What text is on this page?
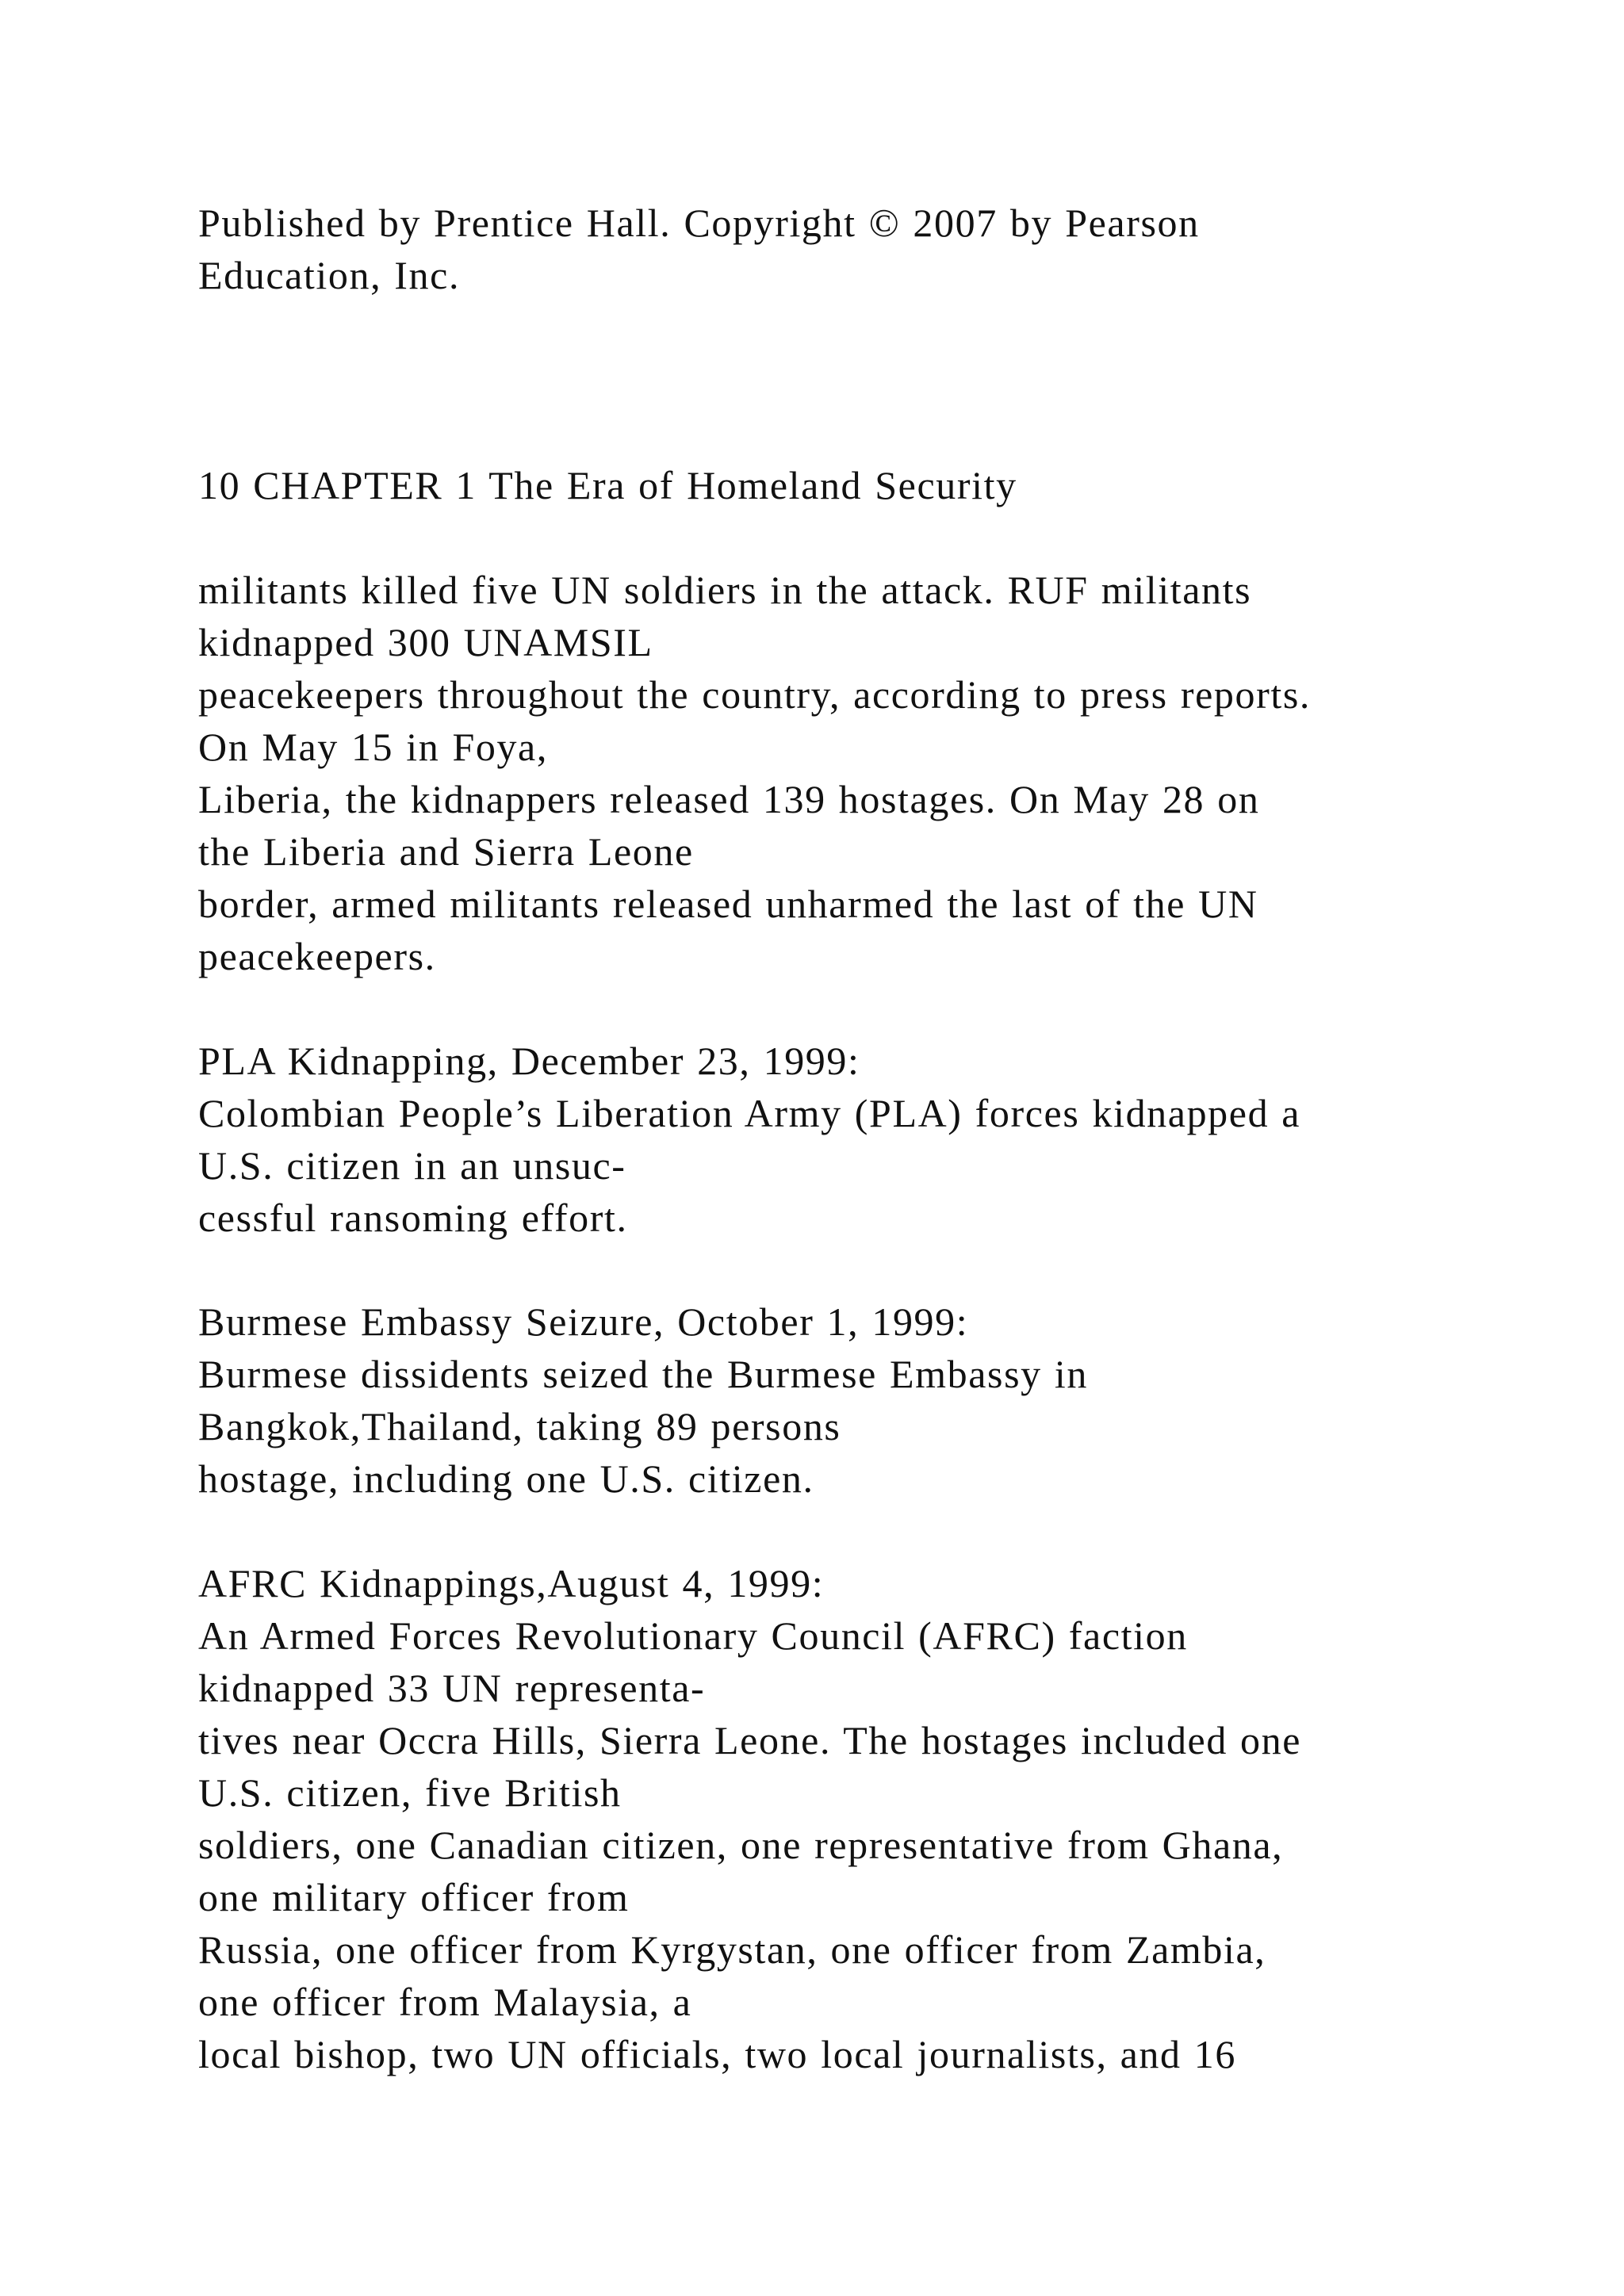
Published by Prentice Hall. Copyright © 2007 by Pearson
Education, Inc.
10 CHAPTER 1 The Era of Homeland Security
militants killed five UN soldiers in the attack. RUF militants
kidnapped 300 UNAMSIL
peacekeepers throughout the country, according to press reports.
On May 15 in Foya,
Liberia, the kidnappers released 139 hostages. On May 28 on
the Liberia and Sierra Leone
border, armed militants released unharmed the last of the UN
peacekeepers.
PLA Kidnapping, December 23, 1999:
Colombian People’s Liberation Army (PLA) forces kidnapped a
U.S. citizen in an unsuc-
cessful ransoming effort.
Burmese Embassy Seizure, October 1, 1999:
Burmese dissidents seized the Burmese Embassy in
Bangkok,Thailand, taking 89 persons
hostage, including one U.S. citizen.
AFRC Kidnappings,August 4, 1999:
An Armed Forces Revolutionary Council (AFRC) faction
kidnapped 33 UN representa-
tives near Occra Hills, Sierra Leone. The hostages included one
U.S. citizen, five British
soldiers, one Canadian citizen, one representative from Ghana,
one military officer from
Russia, one officer from Kyrgystan, one officer from Zambia,
one officer from Malaysia, a
local bishop, two UN officials, two local journalists, and 16
